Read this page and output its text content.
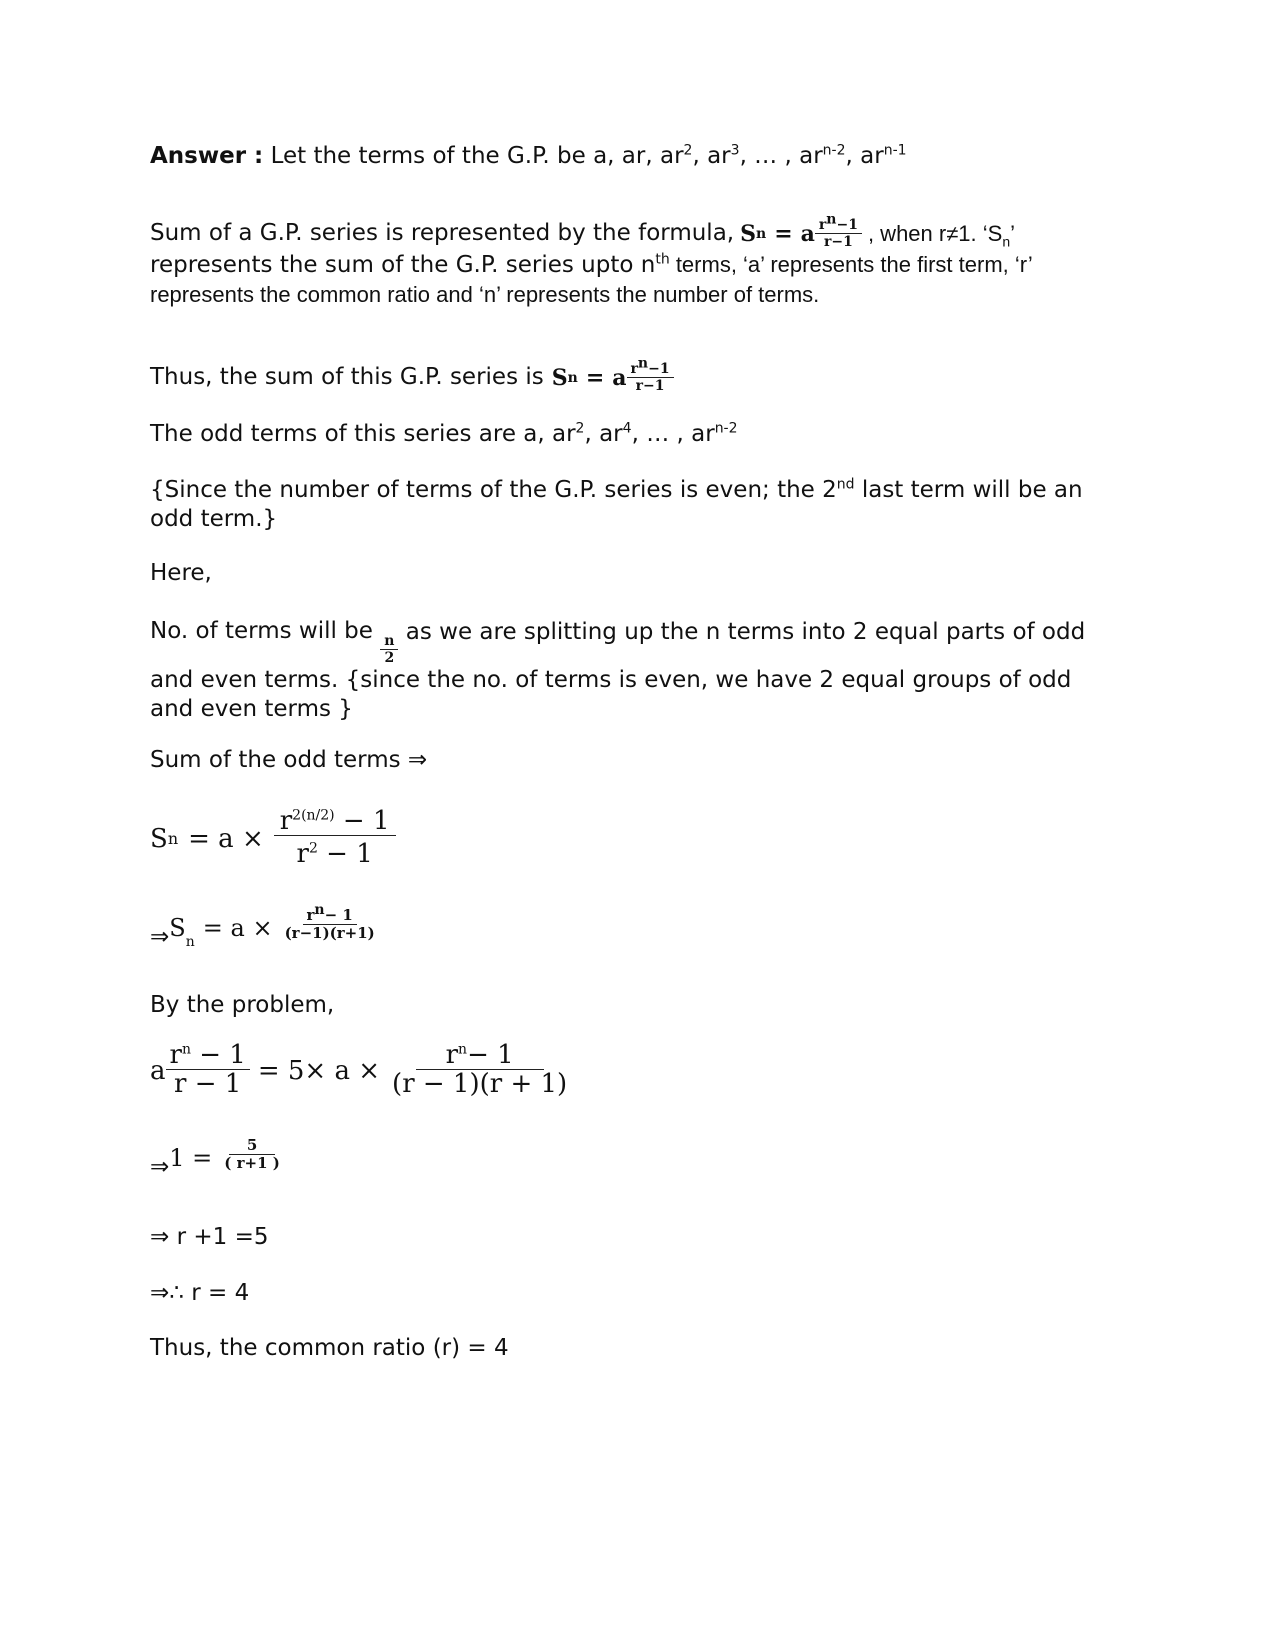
Answer : Let the terms of the G.P. be a, ar, $ar^2$, $ar^3$, … , $ar^{n-2}$, $ar^{n-1}$
Sum of a G.P. series is represented by the formula, S n = a $\frac{r^n-1}{r-1}$ , when r≠1. ‘$S_n$’
represents the sum of the G.P. series upto $n^{th}$ terms, ‘a’ represents the first term, ‘r’
represents the common ratio and ‘n’ represents the number of terms.
Thus, the sum of this G.P. series is S n = a $\frac{r^n-1}{r-1}$
The odd terms of this series are a, $ar^2$, $ar^4$, … , $ar^{n-2}$
{Since the number of terms of the G.P. series is even; the 2nd last term will be an odd term.}
Here,
No. of terms will be
$\frac{n}{2}$
as we are splitting up the n terms into 2 equal parts of odd and even terms. {since the no. of terms is even, we have 2 equal groups of odd and even terms }
Sum of the odd terms ⇒
S $n = a \times \frac{r^{2(n/2)} - 1}{r^2 - 1}$
⇒ S $n = a \times \frac{r^n- 1}{(r-1)(r+1)}$
By the problem,
a $\frac{r^n - 1}{r - 1} = 5\times a \times \frac{r^n- 1}{(r - 1)(r + 1)}$
⇒ $1 = \frac{5}{( r+1 )}$
⇒ r +1 =5
⇒∴ r = 4
Thus, the common ratio (r) = 4
